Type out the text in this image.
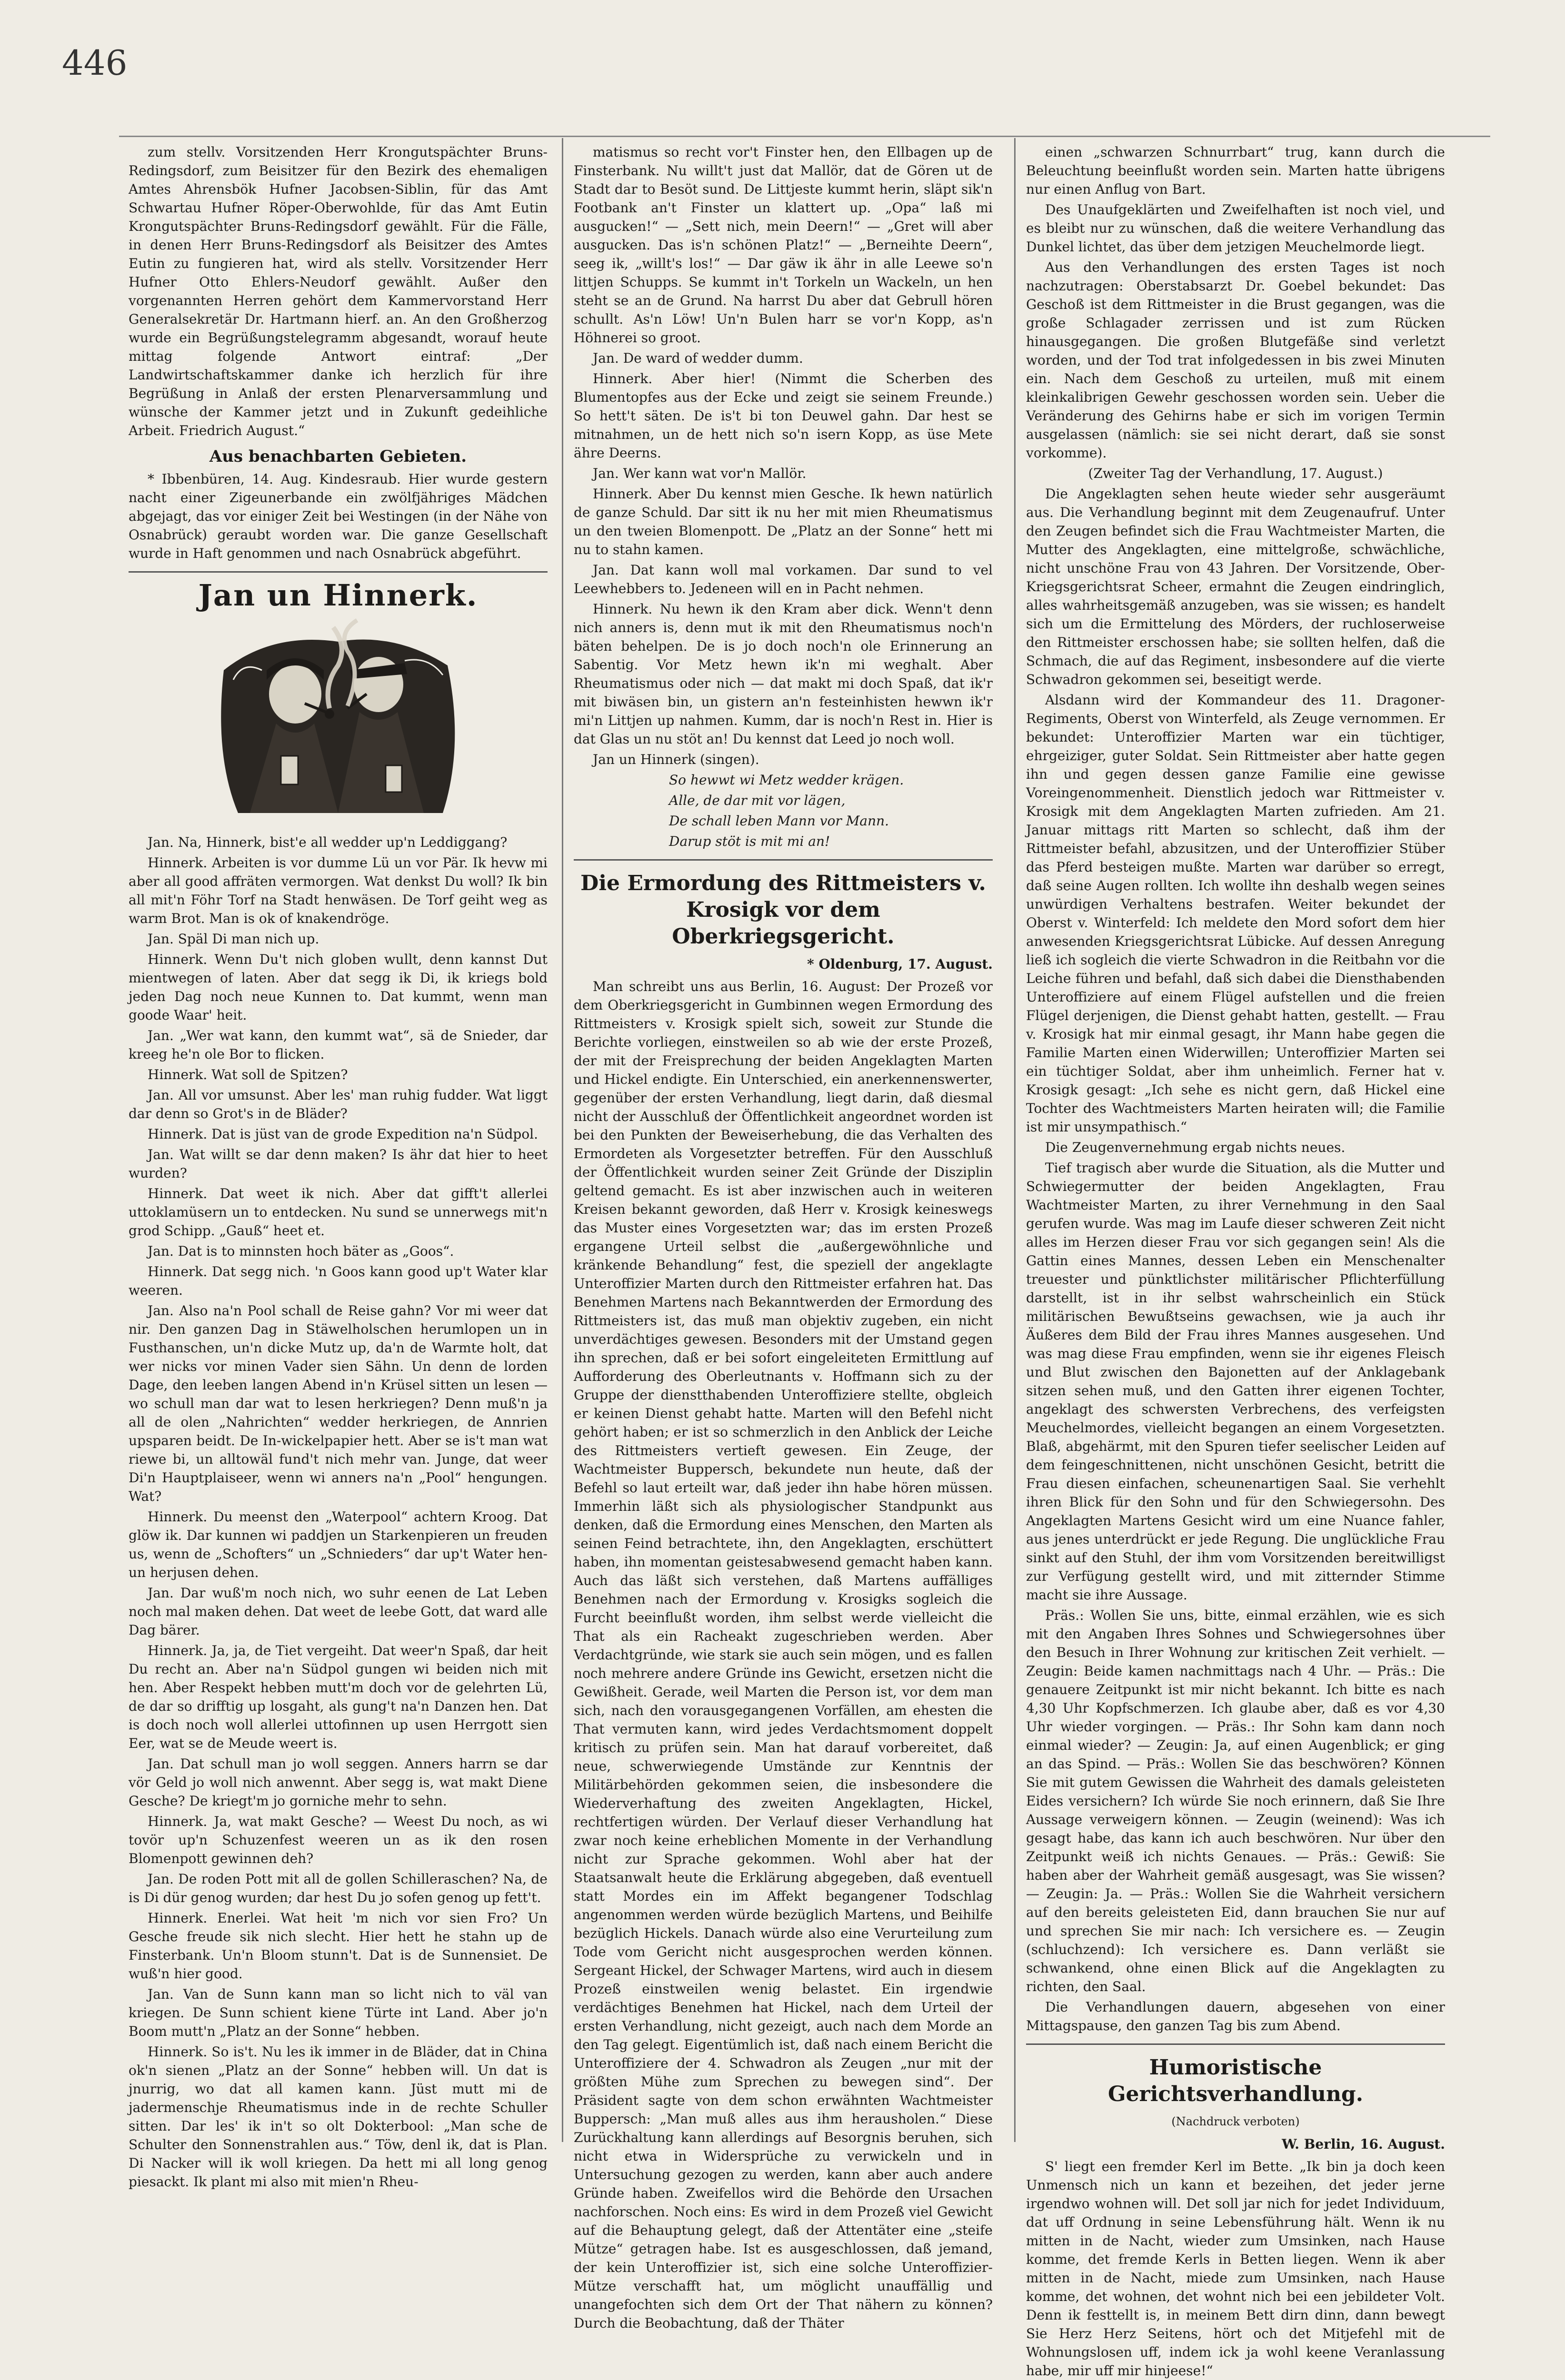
446

zum stellv. Vorsitzenden Herr Krongutspächter Bruns-Redingsdorf, zum Beisitzer für den Bezirk des ehemaligen Amtes Ahrensbök Hufner Jacobsen-Siblin, für das Amt Schwartau Hufner Röper-Oberwohlde, für das Amt Eutin Krongutspächter Bruns-Redingsdorf gewählt. Für die Fälle, in denen Herr Bruns-Redingsdorf als Beisitzer des Amtes Eutin zu fungieren hat, wird als stellv. Vorsitzender Herr Hufner Otto Ehlers-Neudorf gewählt. Außer den vorgenannten Herren gehört dem Kammervorstand Herr Generalsekretär Dr. Hartmann hierf. an. An den Großherzog wurde ein Begrüßungstelegramm abgesandt, worauf heute mittag folgende Antwort eintraf: „Der Landwirtschaftskammer danke ich herzlich für ihre Begrüßung in Anlaß der ersten Plenarversammlung und wünsche der Kammer jetzt und in Zukunft gedeihliche Arbeit. Friedrich August.“

Aus benachbarten Gebieten.

* Ibbenbüren, 14. Aug. Kindesraub. Hier wurde gestern nacht einer Zigeunerbande ein zwölfjähriges Mädchen abgejagt, das vor einiger Zeit bei Westingen (in der Nähe von Osnabrück) geraubt worden war. Die ganze Gesellschaft wurde in Haft genommen und nach Osnabrück abgeführt.

Jan un Hinnerk.

Jan. Na, Hinnerk, bist'e all wedder up'n Leddiggang?

Hinnerk. Arbeiten is vor dumme Lü un vor Pär. Ik hevw mi aber all good affräten vermorgen. Wat denkst Du woll? Ik bin all mit'n Föhr Torf na Stadt henwäsen. De Torf geiht weg as warm Brot. Man is ok of knakendröge.

Jan. Späl Di man nich up.

Hinnerk. Wenn Du't nich globen wullt, denn kannst Dut mientwegen of laten. Aber dat segg ik Di, ik kriegs bold jeden Dag noch neue Kunnen to. Dat kummt, wenn man goode Waar' heit.

Jan. „Wer wat kann, den kummt wat“, sä de Snieder, dar kreeg he'n ole Bor to flicken.

Hinnerk. Wat soll de Spitzen?

Jan. All vor umsunst. Aber les' man ruhig fudder. Wat liggt dar denn so Grot's in de Bläder?

Hinnerk. Dat is jüst van de grode Expedition na'n Südpol.

Jan. Wat willt se dar denn maken? Is ähr dat hier to heet wurden?

Hinnerk. Dat weet ik nich. Aber dat gifft't allerlei uttoklamüsern un to entdecken. Nu sund se unnerwegs mit'n grod Schipp. „Gauß“ heet et.

Jan. Dat is to minnsten hoch bäter as „Goos“.

Hinnerk. Dat segg nich. 'n Goos kann good up't Water klar weeren.

Jan. Also na'n Pool schall de Reise gahn? Vor mi weer dat nir. Den ganzen Dag in Stäwelholschen herumlopen un in Fusthanschen, un'n dicke Mutz up, da'n de Warmte holt, dat wer nicks vor minen Vader sien Sähn. Un denn de lorden Dage, den leeben langen Abend in'n Krüsel sitten un lesen — wo schull man dar wat to lesen herkriegen? Denn muß'n ja all de olen „Nahrichten“ wedder herkriegen, de Annrien upsparen beidt. De In-wickelpapier hett. Aber se is't man wat riewe bi, un alltowäl fund't nich mehr van. Junge, dat weer Di'n Hauptplaiseer, wenn wi anners na'n „Pool“ hengungen. Wat?

Hinnerk. Du meenst den „Waterpool“ achtern Kroog. Dat glöw ik. Dar kunnen wi paddjen un Starkenpieren un freuden us, wenn de „Schofters“ un „Schnieders“ dar up't Water hen- un herjusen dehen.

Jan. Dar wuß'm noch nich, wo suhr eenen de Lat Leben noch mal maken dehen. Dat weet de leebe Gott, dat ward alle Dag bärer.

Hinnerk. Ja, ja, de Tiet vergeiht. Dat weer'n Spaß, dar heit Du recht an. Aber na'n Südpol gungen wi beiden nich mit hen. Aber Respekt hebben mutt'm doch vor de gelehrten Lü, de dar so drifftig up losgaht, als gung't na'n Danzen hen. Dat is doch noch woll allerlei uttofinnen up usen Herrgott sien Eer, wat se de Meude weert is.

Jan. Dat schull man jo woll seggen. Anners harrn se dar vör Geld jo woll nich anwennt. Aber segg is, wat makt Diene Gesche? De kriegt'm jo gorniche mehr to sehn.

Hinnerk. Ja, wat makt Gesche? — Weest Du noch, as wi tovör up'n Schuzenfest weeren un as ik den rosen Blomenpott gewinnen deh?

Jan. De roden Pott mit all de gollen Schilleraschen? Na, de is Di dür genog wurden; dar hest Du jo sofen genog up fett't.

Hinnerk. Enerlei. Wat heit 'm nich vor sien Fro? Un Gesche freude sik nich slecht. Hier hett he stahn up de Finsterbank. Un'n Bloom stunn't. Dat is de Sunnensiet. De wuß'n hier good.

Jan. Van de Sunn kann man so licht nich to väl van kriegen. De Sunn schient kiene Türte int Land. Aber jo'n Boom mutt'n „Platz an der Sonne“ hebben.

Hinnerk. So is't. Nu les ik immer in de Bläder, dat in China ok'n sienen „Platz an der Sonne“ hebben will. Un dat is jnurrig, wo dat all kamen kann. Jüst mutt mi de jadermenschje Rheumatismus inde in de rechte Schuller sitten. Dar les' ik in't so olt Dokterbool: „Man sche de Schulter den Sonnenstrahlen aus.“ Töw, denl ik, dat is Plan. Di Nacker will ik woll kriegen. Da hett mi all long genog piesackt. Ik plant mi also mit mien'n Rheu-

matismus so recht vor't Finster hen, den Ellbagen up de Finsterbank. Nu willt't just dat Mallör, dat de Gören ut de Stadt dar to Besöt sund. De Littjeste kummt herin, släpt sik'n Footbank an't Finster un klattert up. „Opa“ laß mi ausgucken!“ — „Sett nich, mein Deern!“ — „Gret will aber ausgucken. Das is'n schönen Platz!“ — „Berneihte Deern“, seeg ik, „willt's los!“ — Dar gäw ik ähr in alle Leewe so'n littjen Schupps. Se kummt in't Torkeln un Wackeln, un hen steht se an de Grund. Na harrst Du aber dat Gebrull hören schullt. As'n Löw! Un'n Bulen harr se vor'n Kopp, as'n Höhnerei so groot.

Jan. De ward of wedder dumm.

Hinnerk. Aber hier! (Nimmt die Scherben des Blumentopfes aus der Ecke und zeigt sie seinem Freunde.) So hett't säten. De is't bi ton Deuwel gahn. Dar hest se mitnahmen, un de hett nich so'n isern Kopp, as üse Mete ähre Deerns.

Jan. Wer kann wat vor'n Mallör.

Hinnerk. Aber Du kennst mien Gesche. Ik hewn natürlich de ganze Schuld. Dar sitt ik nu her mit mien Rheumatismus un den tweien Blomenpott. De „Platz an der Sonne“ hett mi nu to stahn kamen.

Jan. Dat kann woll mal vorkamen. Dar sund to vel Leewhebbers to. Jedeneen will en in Pacht nehmen.

Hinnerk. Nu hewn ik den Kram aber dick. Wenn't denn nich anners is, denn mut ik mit den Rheumatismus noch'n bäten behelpen. De is jo doch noch'n ole Erinnerung an Sabentig. Vor Metz hewn ik'n mi weghalt. Aber Rheumatismus oder nich — dat makt mi doch Spaß, dat ik'r mit biwäsen bin, un gistern an'n festeinhisten hewwn ik'r mi'n Littjen up nahmen. Kumm, dar is noch'n Rest in. Hier is dat Glas un nu stöt an! Du kennst dat Leed jo noch woll.

Jan un Hinnerk (singen).

So hewwt wi Metz wedder krägen.

Alle, de dar mit vor lägen,

De schall leben Mann vor Mann.

Darup stöt is mit mi an!

Die Ermordung des Rittmeisters v. Krosigk vor dem Oberkriegsgericht.
* Oldenburg, 17. August.

Man schreibt uns aus Berlin, 16. August: Der Prozeß vor dem Oberkriegsgericht in Gumbinnen wegen Ermordung des Rittmeisters v. Krosigk spielt sich, soweit zur Stunde die Berichte vorliegen, einstweilen so ab wie der erste Prozeß, der mit der Freisprechung der beiden Angeklagten Marten und Hickel endigte. Ein Unterschied, ein anerkennenswerter, gegenüber der ersten Verhandlung, liegt darin, daß diesmal nicht der Ausschluß der Öffentlichkeit angeordnet worden ist bei den Punkten der Beweiserhebung, die das Verhalten des Ermordeten als Vorgesetzter betreffen. Für den Ausschluß der Öffentlichkeit wurden seiner Zeit Gründe der Disziplin geltend gemacht. Es ist aber inzwischen auch in weiteren Kreisen bekannt geworden, daß Herr v. Krosigk keineswegs das Muster eines Vorgesetzten war; das im ersten Prozeß ergangene Urteil selbst die „außergewöhnliche und kränkende Behandlung“ fest, die speziell der angeklagte Unteroffizier Marten durch den Rittmeister erfahren hat. Das Benehmen Martens nach Bekanntwerden der Ermordung des Rittmeisters ist, das muß man objektiv zugeben, ein nicht unverdächtiges gewesen. Besonders mit der Umstand gegen ihn sprechen, daß er bei sofort eingeleiteten Ermittlung auf Aufforderung des Oberleutnants v. Hoffmann sich zu der Gruppe der dienstthabenden Unteroffiziere stellte, obgleich er keinen Dienst gehabt hatte. Marten will den Befehl nicht gehört haben; er ist so schmerzlich in den Anblick der Leiche des Rittmeisters vertieft gewesen. Ein Zeuge, der Wachtmeister Buppersch, bekundete nun heute, daß der Befehl so laut erteilt war, daß jeder ihn habe hören müssen. Immerhin läßt sich als physiologischer Standpunkt aus denken, daß die Ermordung eines Menschen, den Marten als seinen Feind betrachtete, ihn, den Angeklagten, erschüttert haben, ihn momentan geistesabwesend gemacht haben kann. Auch das läßt sich verstehen, daß Martens auffälliges Benehmen nach der Ermordung v. Krosigks sogleich die Furcht beeinflußt worden, ihm selbst werde vielleicht die That als ein Racheakt zugeschrieben werden. Aber Verdachtgründe, wie stark sie auch sein mögen, und es fallen noch mehrere andere Gründe ins Gewicht, ersetzen nicht die Gewißheit. Gerade, weil Marten die Person ist, vor dem man sich, nach den vorausgegangenen Vorfällen, am ehesten die That vermuten kann, wird jedes Verdachtsmoment doppelt kritisch zu prüfen sein. Man hat darauf vorbereitet, daß neue, schwerwiegende Umstände zur Kenntnis der Militärbehörden gekommen seien, die insbesondere die Wiederverhaftung des zweiten Angeklagten, Hickel, rechtfertigen würden. Der Verlauf dieser Verhandlung hat zwar noch keine erheblichen Momente in der Verhandlung nicht zur Sprache gekommen. Wohl aber hat der Staatsanwalt heute die Erklärung abgegeben, daß eventuell statt Mordes ein im Affekt begangener Todschlag angenommen werden würde bezüglich Martens, und Beihilfe bezüglich Hickels. Danach würde also eine Verurteilung zum Tode vom Gericht nicht ausgesprochen werden können. Sergeant Hickel, der Schwager Martens, wird auch in diesem Prozeß einstweilen wenig belastet. Ein irgendwie verdächtiges Benehmen hat Hickel, nach dem Urteil der ersten Verhandlung, nicht gezeigt, auch nach dem Morde an den Tag gelegt. Eigentümlich ist, daß nach einem Bericht die Unteroffiziere der 4. Schwadron als Zeugen „nur mit der größten Mühe zum Sprechen zu bewegen sind“. Der Präsident sagte von dem schon erwähnten Wachtmeister Buppersch: „Man muß alles aus ihm herausholen.“ Diese Zurückhaltung kann allerdings auf Besorgnis beruhen, sich nicht etwa in Widersprüche zu verwickeln und in Untersuchung gezogen zu werden, kann aber auch andere Gründe haben. Zweifellos wird die Behörde den Ursachen nachforschen. Noch eins: Es wird in dem Prozeß viel Gewicht auf die Behauptung gelegt, daß der Attentäter eine „steife Mütze“ getragen habe. Ist es ausgeschlossen, daß jemand, der kein Unteroffizier ist, sich eine solche Unteroffizier-Mütze verschafft hat, um möglicht unauffällig und unangefochten sich dem Ort der That nähern zu können? Durch die Beobachtung, daß der Thäter

einen „schwarzen Schnurrbart“ trug, kann durch die Beleuchtung beeinflußt worden sein. Marten hatte übrigens nur einen Anflug von Bart.

Des Unaufgeklärten und Zweifelhaften ist noch viel, und es bleibt nur zu wünschen, daß die weitere Verhandlung das Dunkel lichtet, das über dem jetzigen Meuchelmorde liegt.

Aus den Verhandlungen des ersten Tages ist noch nachzutragen: Oberstabsarzt Dr. Goebel bekundet: Das Geschoß ist dem Rittmeister in die Brust gegangen, was die große Schlagader zerrissen und ist zum Rücken hinausgegangen. Die großen Blutgefäße sind verletzt worden, und der Tod trat infolgedessen in bis zwei Minuten ein. Nach dem Geschoß zu urteilen, muß mit einem kleinkalibrigen Gewehr geschossen worden sein. Ueber die Veränderung des Gehirns habe er sich im vorigen Termin ausgelassen (nämlich: sie sei nicht derart, daß sie sonst vorkomme).

(Zweiter Tag der Verhandlung, 17. August.)

Die Angeklagten sehen heute wieder sehr ausgeräumt aus. Die Verhandlung beginnt mit dem Zeugenaufruf. Unter den Zeugen befindet sich die Frau Wachtmeister Marten, die Mutter des Angeklagten, eine mittelgroße, schwächliche, nicht unschöne Frau von 43 Jahren. Der Vorsitzende, Ober-Kriegsgerichtsrat Scheer, ermahnt die Zeugen eindringlich, alles wahrheitsgemäß anzugeben, was sie wissen; es handelt sich um die Ermittelung des Mörders, der ruchloserweise den Rittmeister erschossen habe; sie sollten helfen, daß die Schmach, die auf das Regiment, insbesondere auf die vierte Schwadron gekommen sei, beseitigt werde.

Alsdann wird der Kommandeur des 11. Dragoner-Regiments, Oberst von Winterfeld, als Zeuge vernommen. Er bekundet: Unteroffizier Marten war ein tüchtiger, ehrgeiziger, guter Soldat. Sein Rittmeister aber hatte gegen ihn und gegen dessen ganze Familie eine gewisse Voreingenommenheit. Dienstlich jedoch war Rittmeister v. Krosigk mit dem Angeklagten Marten zufrieden. Am 21. Januar mittags ritt Marten so schlecht, daß ihm der Rittmeister befahl, abzusitzen, und der Unteroffizier Stüber das Pferd besteigen mußte. Marten war darüber so erregt, daß seine Augen rollten. Ich wollte ihn deshalb wegen seines unwürdigen Verhaltens bestrafen. Weiter bekundet der Oberst v. Winterfeld: Ich meldete den Mord sofort dem hier anwesenden Kriegsgerichtsrat Lübicke. Auf dessen Anregung ließ ich sogleich die vierte Schwadron in die Reitbahn vor die Leiche führen und befahl, daß sich dabei die Diensthabenden Unteroffiziere auf einem Flügel aufstellen und die freien Flügel derjenigen, die Dienst gehabt hatten, gestellt. — Frau v. Krosigk hat mir einmal gesagt, ihr Mann habe gegen die Familie Marten einen Widerwillen; Unteroffizier Marten sei ein tüchtiger Soldat, aber ihm unheimlich. Ferner hat v. Krosigk gesagt: „Ich sehe es nicht gern, daß Hickel eine Tochter des Wachtmeisters Marten heiraten will; die Familie ist mir unsympathisch.“

Die Zeugenvernehmung ergab nichts neues.

Tief tragisch aber wurde die Situation, als die Mutter und Schwiegermutter der beiden Angeklagten, Frau Wachtmeister Marten, zu ihrer Vernehmung in den Saal gerufen wurde. Was mag im Laufe dieser schweren Zeit nicht alles im Herzen dieser Frau vor sich gegangen sein! Als die Gattin eines Mannes, dessen Leben ein Menschenalter treuester und pünktlichster militärischer Pflichterfüllung darstellt, ist in ihr selbst wahrscheinlich ein Stück militärischen Bewußtseins gewachsen, wie ja auch ihr Äußeres dem Bild der Frau ihres Mannes ausgesehen. Und was mag diese Frau empfinden, wenn sie ihr eigenes Fleisch und Blut zwischen den Bajonetten auf der Anklagebank sitzen sehen muß, und den Gatten ihrer eigenen Tochter, angeklagt des schwersten Verbrechens, des verfeigsten Meuchelmordes, vielleicht begangen an einem Vorgesetzten. Blaß, abgehärmt, mit den Spuren tiefer seelischer Leiden auf dem feingeschnittenen, nicht unschönen Gesicht, betritt die Frau diesen einfachen, scheunenartigen Saal. Sie verhehlt ihren Blick für den Sohn und für den Schwiegersohn. Des Angeklagten Martens Gesicht wird um eine Nuance fahler, aus jenes unterdrückt er jede Regung. Die unglückliche Frau sinkt auf den Stuhl, der ihm vom Vorsitzenden bereitwilligst zur Verfügung gestellt wird, und mit zitternder Stimme macht sie ihre Aussage.

Präs.: Wollen Sie uns, bitte, einmal erzählen, wie es sich mit den Angaben Ihres Sohnes und Schwiegersohnes über den Besuch in Ihrer Wohnung zur kritischen Zeit verhielt. — Zeugin: Beide kamen nachmittags nach 4 Uhr. — Präs.: Die genauere Zeitpunkt ist mir nicht bekannt. Ich bitte es nach 4,30 Uhr Kopfschmerzen. Ich glaube aber, daß es vor 4,30 Uhr wieder vorgingen. — Präs.: Ihr Sohn kam dann noch einmal wieder? — Zeugin: Ja, auf einen Augenblick; er ging an das Spind. — Präs.: Wollen Sie das beschwören? Können Sie mit gutem Gewissen die Wahrheit des damals geleisteten Eides versichern? Ich würde Sie noch erinnern, daß Sie Ihre Aussage verweigern können. — Zeugin (weinend): Was ich gesagt habe, das kann ich auch beschwören. Nur über den Zeitpunkt weiß ich nichts Genaues. — Präs.: Gewiß: Sie haben aber der Wahrheit gemäß ausgesagt, was Sie wissen? — Zeugin: Ja. — Präs.: Wollen Sie die Wahrheit versichern auf den bereits geleisteten Eid, dann brauchen Sie nur auf und sprechen Sie mir nach: Ich versichere es. — Zeugin (schluchzend): Ich versichere es. Dann verläßt sie schwankend, ohne einen Blick auf die Angeklagten zu richten, den Saal.

Die Verhandlungen dauern, abgesehen von einer Mittagspause, den ganzen Tag bis zum Abend.

Humoristische Gerichtsverhandlung.
(Nachdruck verboten)
W. Berlin, 16. August.

S' liegt een fremder Kerl im Bette. „Ik bin ja doch keen Unmensch nich un kann et bezeihen, det jeder jerne irgendwo wohnen will. Det soll jar nich for jedet Individuum, dat uff Ordnung in seine Lebensführung hält. Wenn ik nu mitten in de Nacht, wieder zum Umsinken, nach Hause komme, det fremde Kerls in Betten liegen. Wenn ik aber mitten in de Nacht, miede zum Umsinken, nach Hause komme, det wohnen, det wohnt nich bei een jebildeter Volt. Denn ik festtellt is, in meinem Bett dirn dinn, dann bewegt Sie Herz Herz Seitens, hört och det Mitjefehl mit de Wohnungslosen uff, indem ick ja wohl keene Veranlassung habe, mir uff mir hinjeese!“
